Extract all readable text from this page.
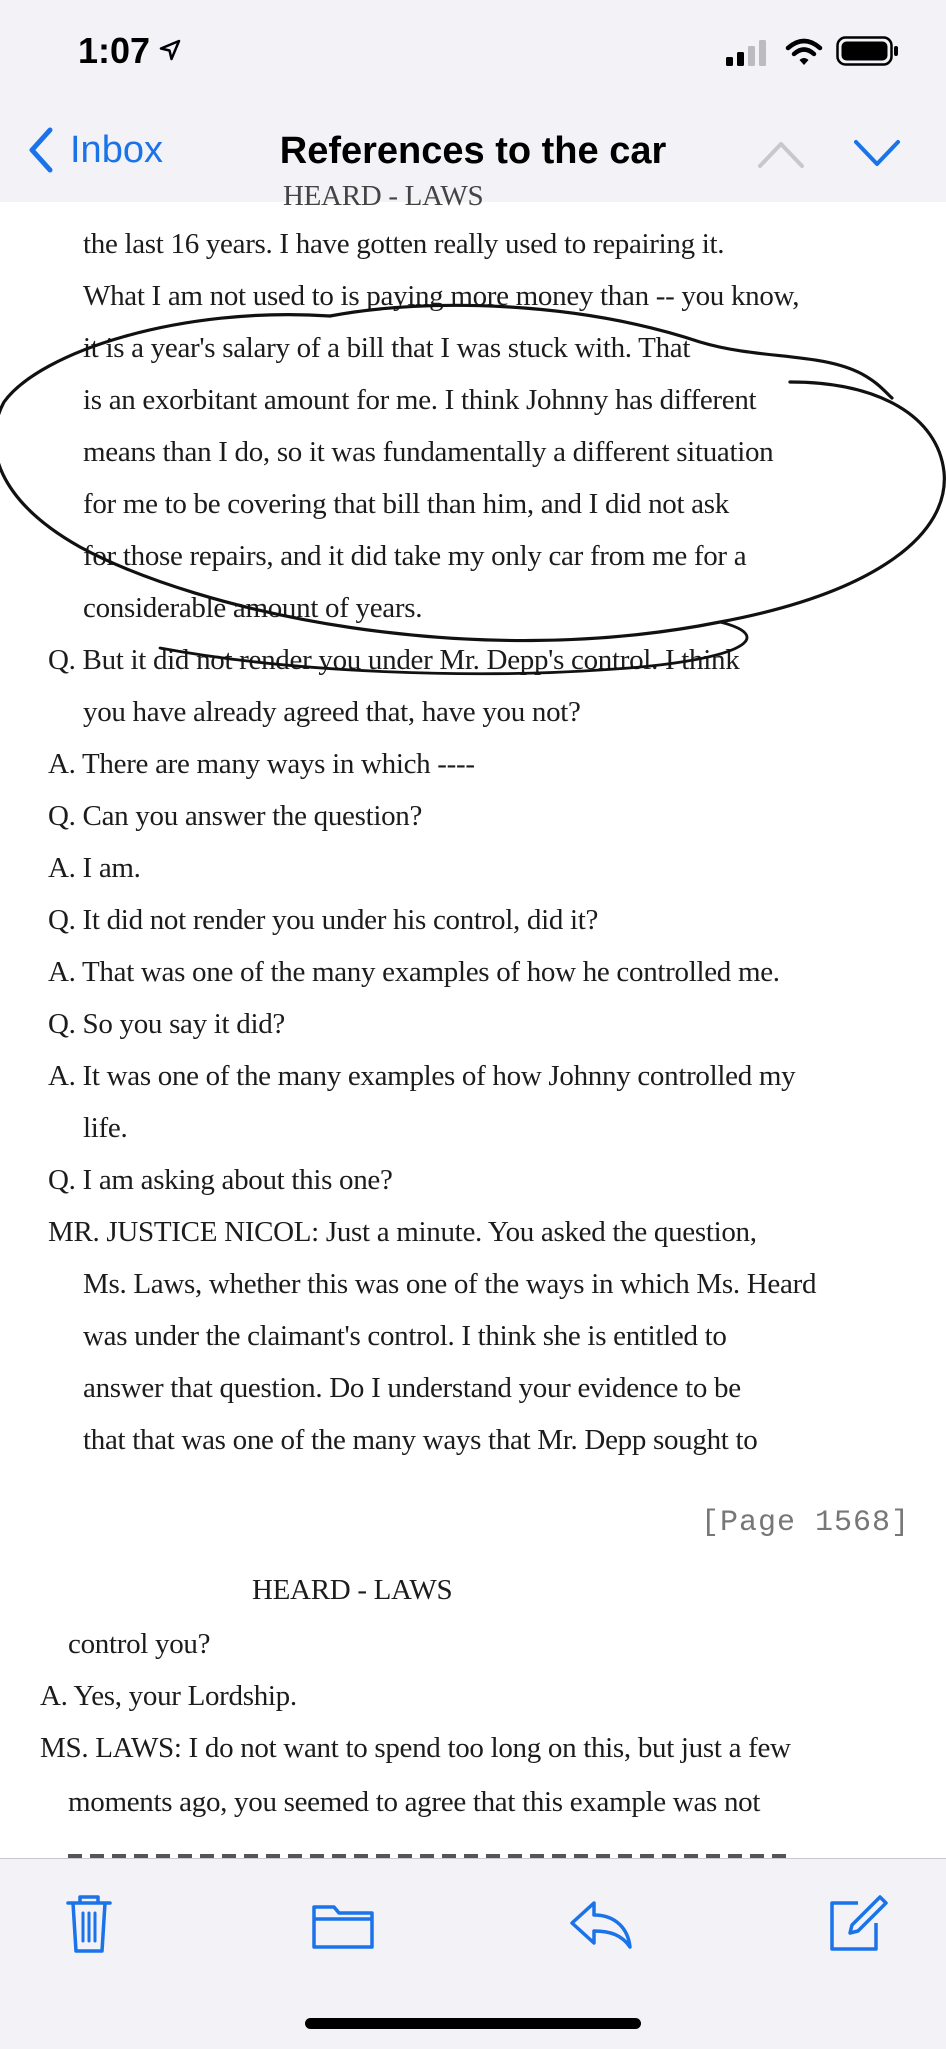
1:07
Inbox	References to the car
HEARD - LAWS
the last 16 years. I have gotten really used to repairing it.
What I am not used to is paying more money than -- you know,
it is a year's salary of a bill that I was stuck with. That
is an exorbitant amount for me. I think Johnny has different
means than I do, so it was fundamentally a different situation
for me to be covering that bill than him, and I did not ask
for those repairs, and it did take my only car from me for a
considerable amount of years.
Q. But it did not render you under Mr. Depp's control. I think
you have already agreed that, have you not?
A. There are many ways in which ----
Q. Can you answer the question?
A. I am.
Q. It did not render you under his control, did it?
A. That was one of the many examples of how he controlled me.
Q. So you say it did?
A. It was one of the many examples of how Johnny controlled my
life.
Q. I am asking about this one?
MR. JUSTICE NICOL: Just a minute. You asked the question,
Ms. Laws, whether this was one of the ways in which Ms. Heard
was under the claimant's control. I think she is entitled to
answer that question. Do I understand your evidence to be
that that was one of the many ways that Mr. Depp sought to
[Page 1568]
HEARD - LAWS
control you?
A. Yes, your Lordship.
MS. LAWS: I do not want to spend too long on this, but just a few
moments ago, you seemed to agree that this example was not
